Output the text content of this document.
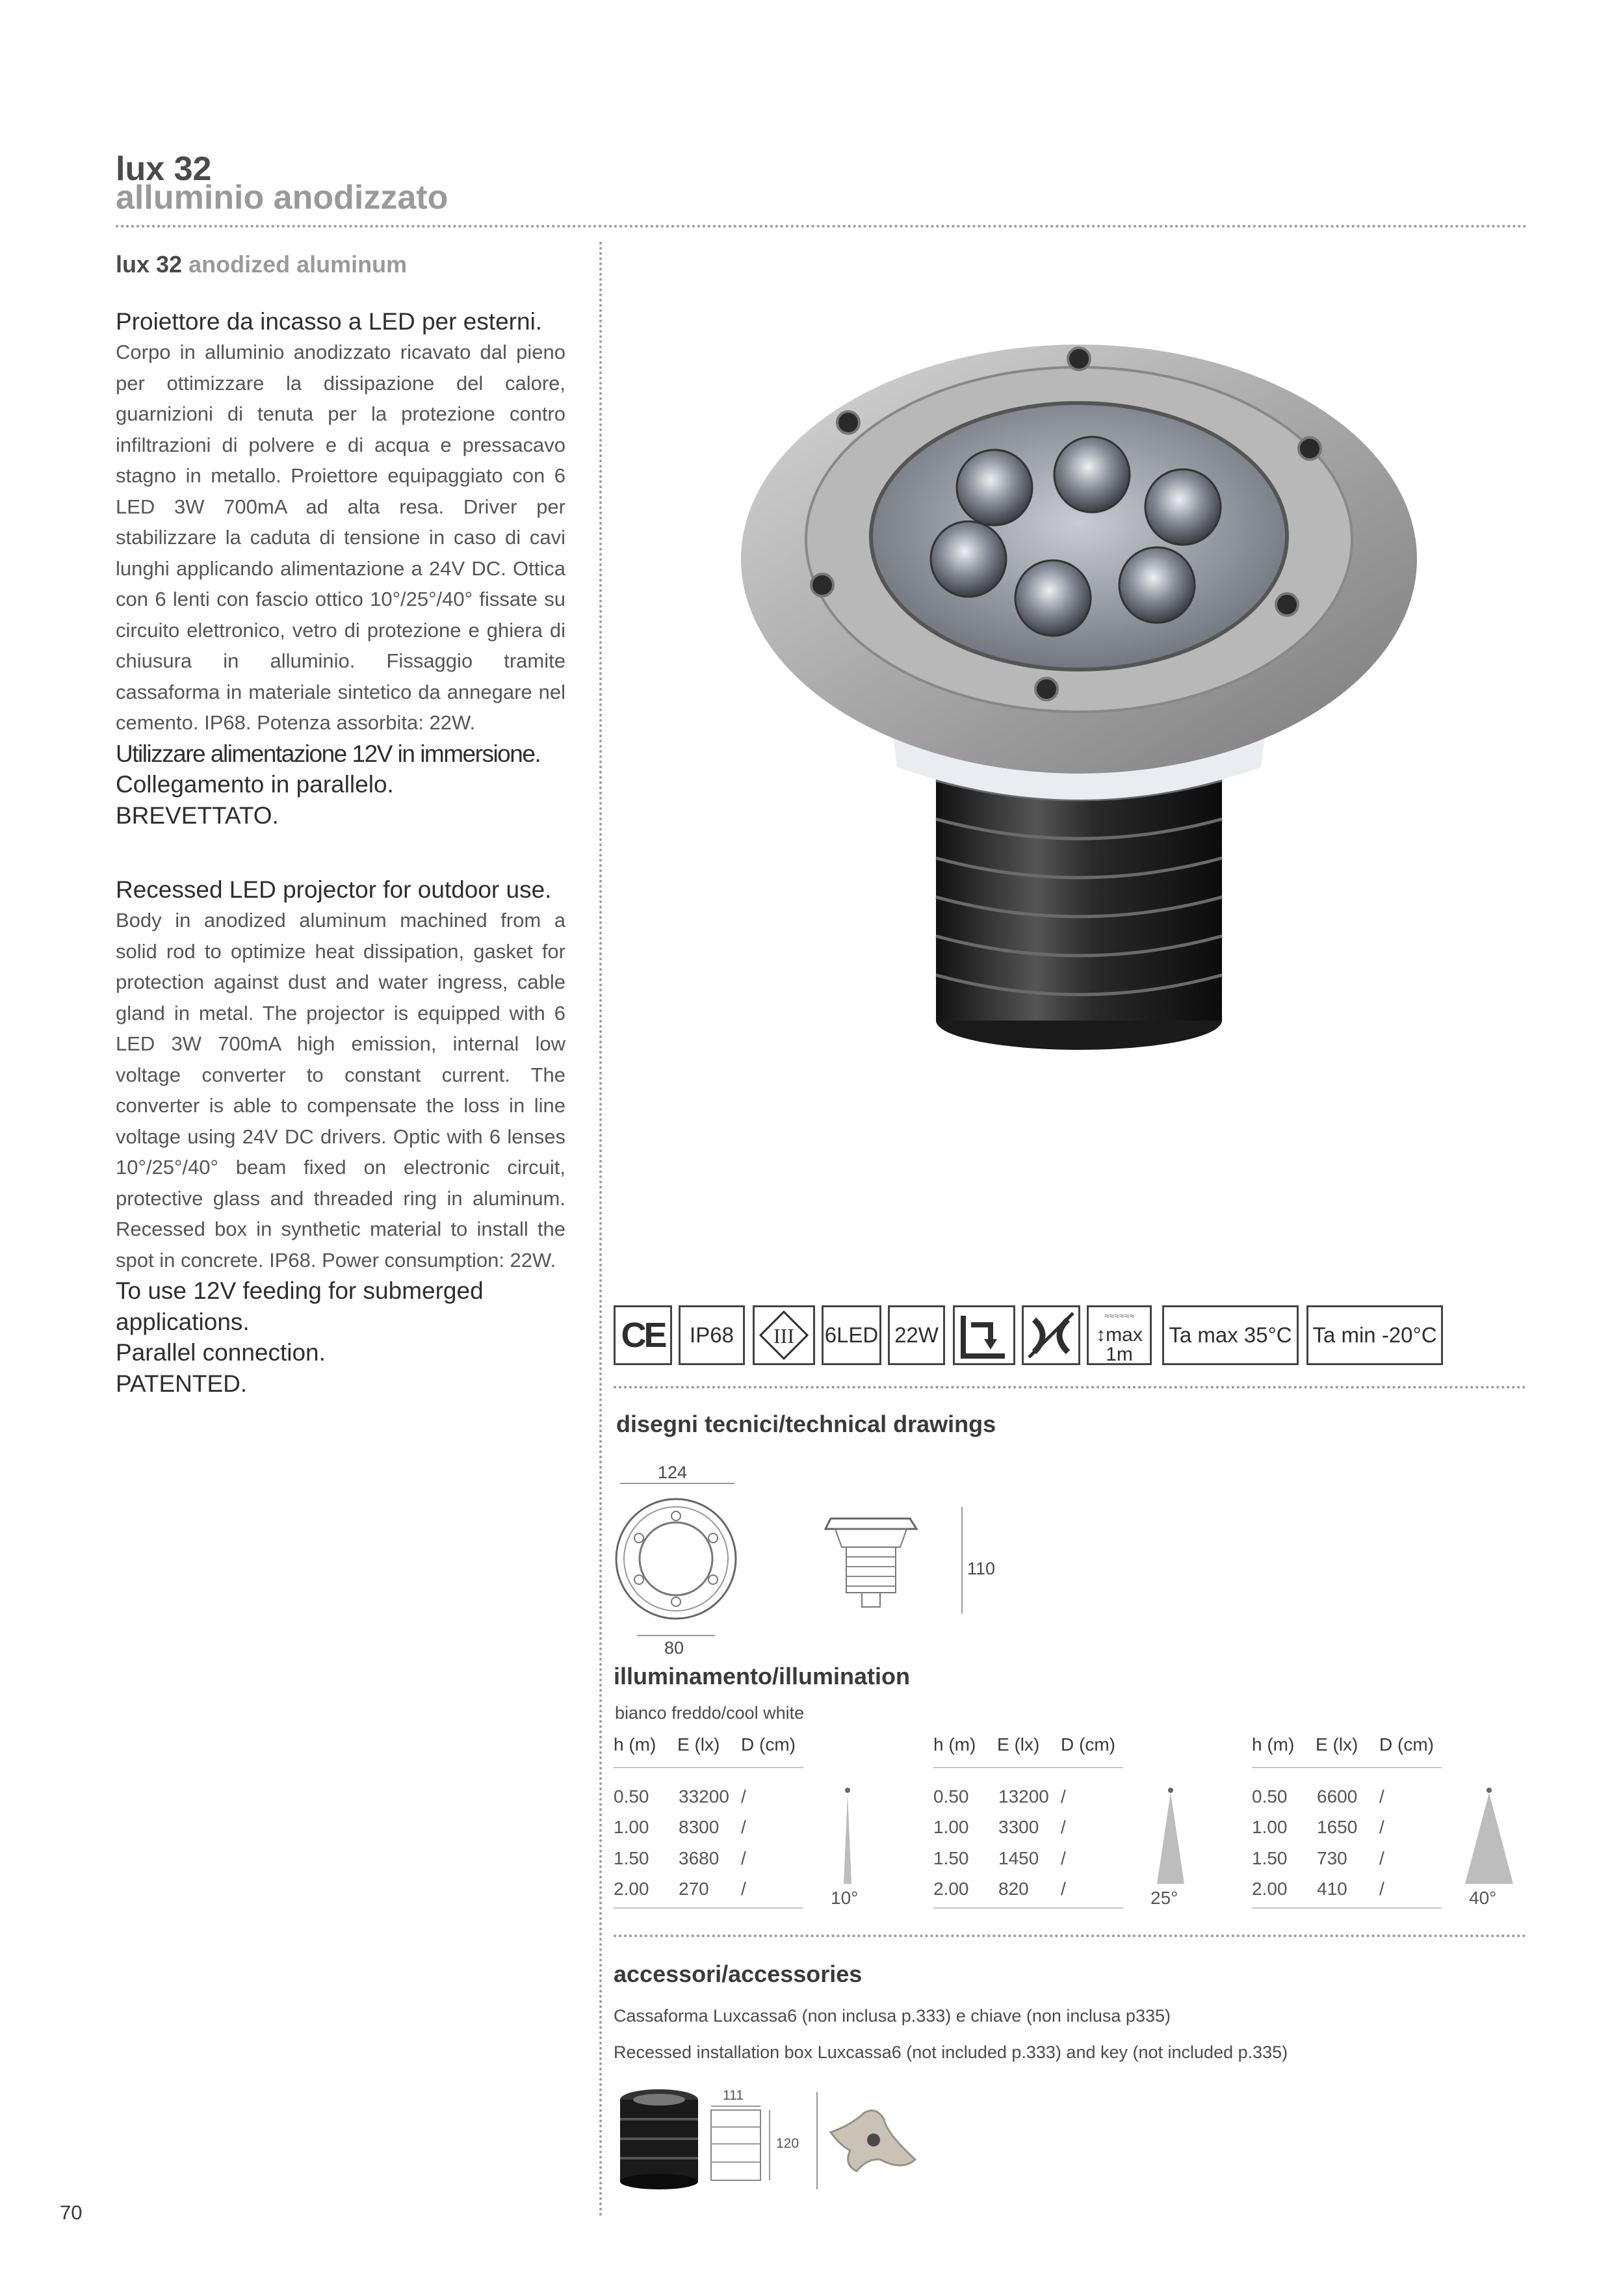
lux 32
alluminio anodizzato
lux 32 anodized aluminum
Proiettore da incasso a LED per esterni.
Corpo in alluminio anodizzato ricavato dal pieno per ottimizzare la dissipazione del calore, guarnizioni di tenuta per la protezione contro infiltrazioni di polvere e di acqua e pressacavo stagno in metallo. Proiettore equipaggiato con 6 LED 3W 700mA ad alta resa. Driver per stabilizzare la caduta di tensione in caso di cavi lunghi applicando alimentazione a 24V DC. Ottica con 6 lenti con fascio ottico 10°/25°/40° fissate su circuito elettronico, vetro di protezione e ghiera di chiusura in alluminio. Fissaggio tramite cassaforma in materiale sintetico da annegare nel cemento. IP68. Potenza assorbita: 22W.
Utilizzare alimentazione 12V in immersione.
Collegamento in parallelo.
BREVETTATO.
Recessed LED projector for outdoor use.
Body in anodized aluminum machined from a solid rod to optimize heat dissipation, gasket for protection against dust and water ingress, cable gland in metal. The projector is equipped with 6 LED 3W 700mA high emission, internal low voltage converter to constant current. The converter is able to compensate the loss in line voltage using 24V DC drivers. Optic with 6 lenses 10°/25°/40° beam fixed on electronic circuit, protective glass and threaded ring in aluminum. Recessed box in synthetic material to install the spot in concrete. IP68. Power consumption: 22W.
To use 12V feeding for submerged applications.
Parallel connection.
PATENTED.
CE IP68 III 6LED 22W
≈≈≈≈≈≈
↕max
1m
Ta max 35°C Ta min -20°C
disegni tecnici/technical drawings
124
80
110
illuminamento/illumination
bianco freddo/cool white
h (m) E (lx) D (cm)
0.50 33200 /
1.00 8300 /
1.50 3680 /
2.00 270 /	10°
h (m) E (lx) D (cm)
0.50 13200 /
1.00 3300 /
1.50 1450 /
2.00 820 /	25°
h (m) E (lx) D (cm)
0.50 6600 /
1.00 1650 /
1.50 730 /
2.00 410 /	40°
accessori/accessories
Cassaforma Luxcassa6 (non inclusa p.333) e chiave (non inclusa p335)
Recessed installation box Luxcassa6 (not included p.333) and key (not included p.335)
111
120
70
